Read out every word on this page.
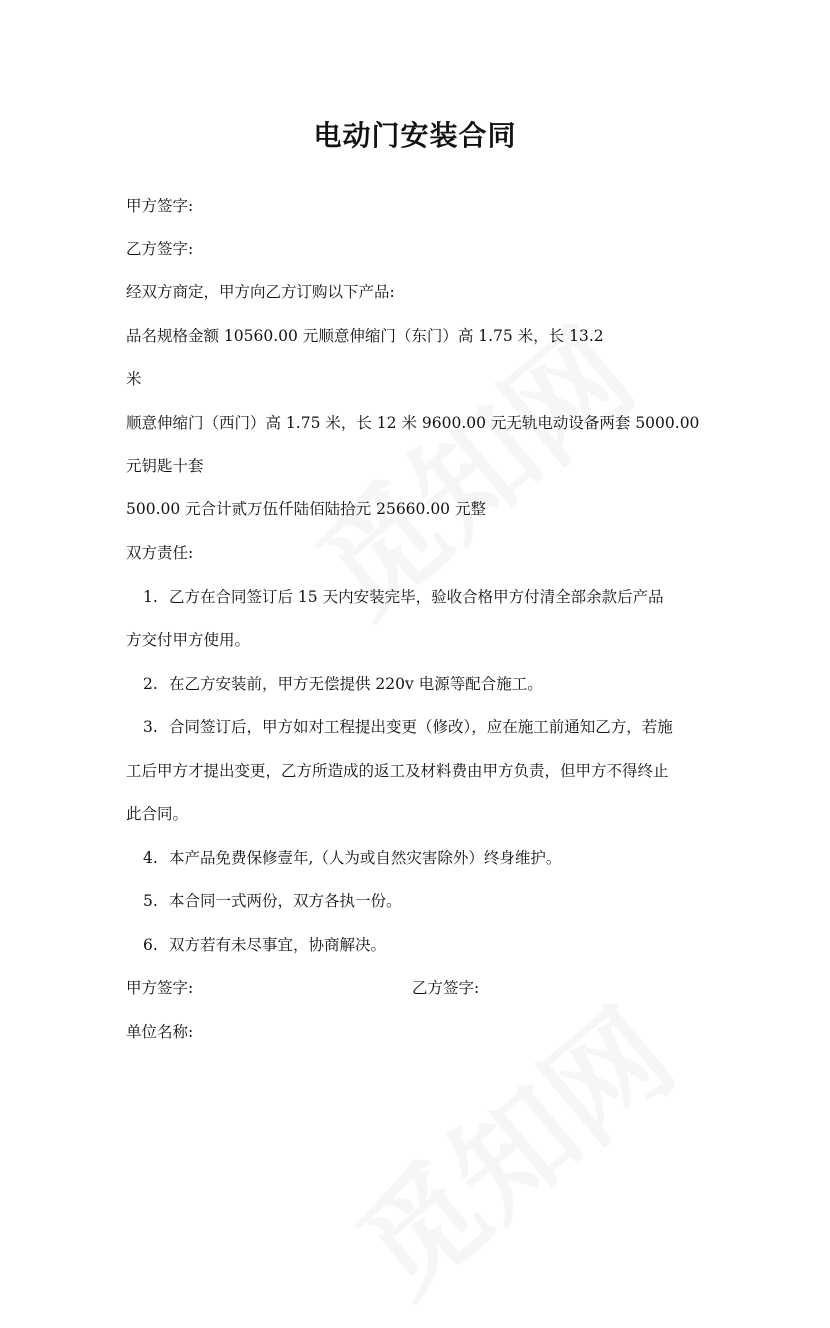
电动门安装合同
甲方签字:
乙方签字:
经双方商定，甲方向乙方订购以下产品:
品名规格金额 10560.00 元顺意伸缩门（东门）高 1.75 米，长 13.2
米
顺意伸缩门（西门）高 1.75 米，长 12 米 9600.00 元无轨电动设备两套 5000.00
元钥匙十套
500.00 元合计贰万伍仟陆佰陆拾元 25660.00 元整
双方责任:
1. 乙方在合同签订后 15 天内安装完毕，验收合格甲方付清全部余款后产品
方交付甲方使用。
2. 在乙方安装前，甲方无偿提供 220v 电源等配合施工。
3. 合同签订后，甲方如对工程提出变更（修改），应在施工前通知乙方，若施
工后甲方才提出变更，乙方所造成的返工及材料费由甲方负责，但甲方不得终止
此合同。
4. 本产品免费保修壹年,（人为或自然灾害除外）终身维护。
5. 本合同一式两份，双方各执一份。
6. 双方若有未尽事宜，协商解决。
甲方签字:	乙方签字:
单位名称:
